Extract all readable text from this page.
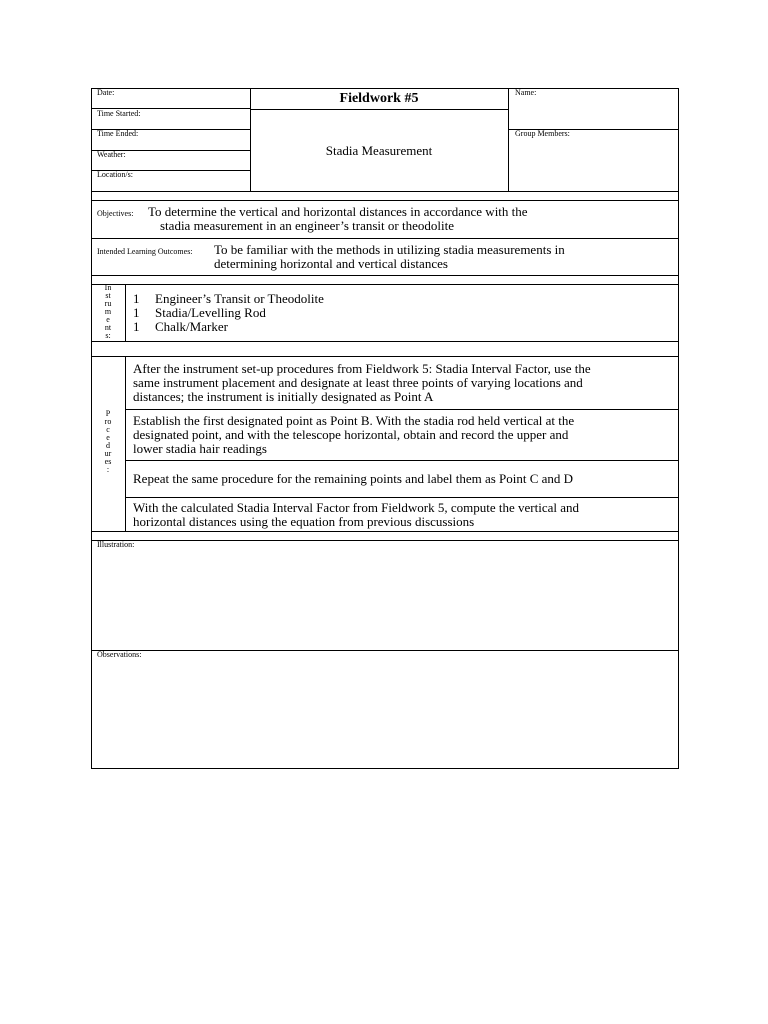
Date:
Time Started:
Time Ended:
Weather:
Location/s:
Fieldwork #5
Stadia Measurement
Name:
Group Members:
Objectives: To determine the vertical and horizontal distances in accordance with the
stadia measurement in an engineer’s transit or theodolite
Intended Learning Outcomes: To be familiar with the methods in utilizing stadia measurements in
determining horizontal and vertical distances
In
st
ru
m
e
nt
s:
1 Engineer’s Transit or Theodolite
1 Stadia/Levelling Rod
1 Chalk/Marker
P
ro
c
e
d
ur
es
:
After the instrument set-up procedures from Fieldwork 5: Stadia Interval Factor, use the
same instrument placement and designate at least three points of varying locations and
distances; the instrument is initially designated as Point A
Establish the first designated point as Point B. With the stadia rod held vertical at the
designated point, and with the telescope horizontal, obtain and record the upper and
lower stadia hair readings
Repeat the same procedure for the remaining points and label them as Point C and D
With the calculated Stadia Interval Factor from Fieldwork 5, compute the vertical and
horizontal distances using the equation from previous discussions
Illustration:
Observations:
